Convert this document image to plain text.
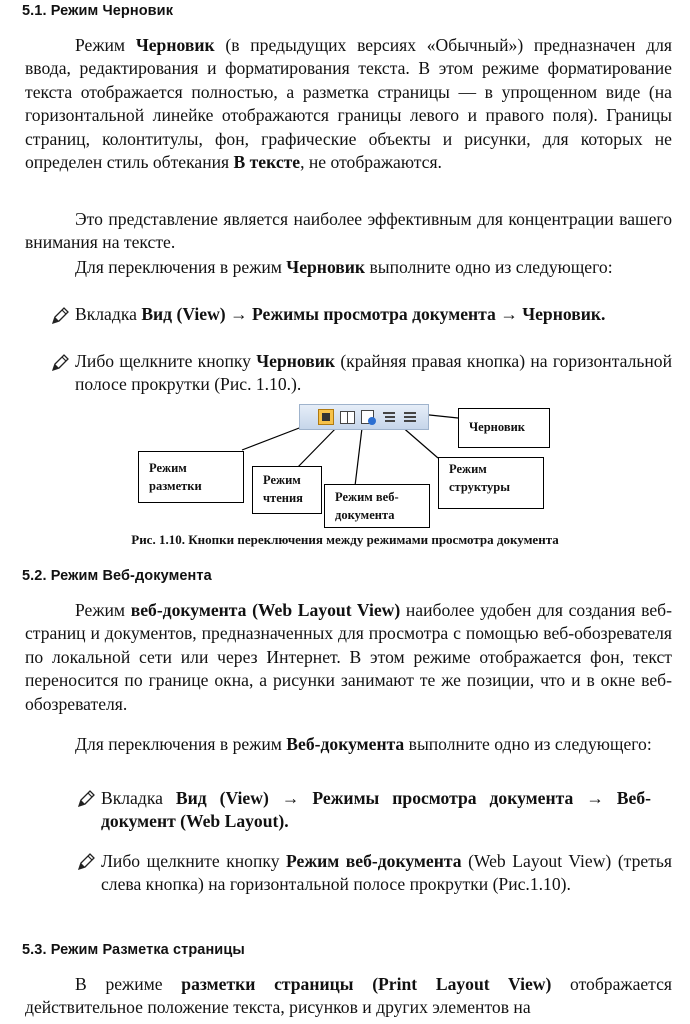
5.1. Режим Черновик

Режим Черновик (в предыдущих версиях «Обычный») предназначен для ввода, редактирования и форматирования текста. В этом режиме форматирование текста отображается полностью, а разметка страницы — в упрощенном виде (на горизонтальной линейке отображаются границы левого и правого поля). Границы страниц, колонтитулы, фон, графические объекты и рисунки, для которых не определен стиль обтекания В тексте, не отображаются.

Это представление является наиболее эффективным для концентрации вашего внимания на тексте.

Для переключения в режим Черновик выполните одно из следующего:

Вкладка Вид (View) → Режимы просмотра документа → Черновик.

Либо щелкните кнопку Черновик (крайняя правая кнопка) на горизонтальной полосе прокрутки (Рис. 1.10.).

Черновик
Режим разметки	Режим чтения	Режим веб-документа
Режим структуры
Рис. 1.10. Кнопки переключения между режимами просмотра документа
5.2. Режим Веб-документа

Режим веб-документа (Web Layout View) наиболее удобен для создания веб-страниц и документов, предназначенных для просмотра с помощью веб-обозревателя по локальной сети или через Интернет. В этом режиме отображается фон, текст переносится по границе окна, а рисунки занимают те же позиции, что и в окне веб-обозревателя.

Для переключения в режим Веб-документа выполните одно из следующего:

Вкладка Вид (View) → Режимы просмотра документа → Веб-документ (Web Layout).

Либо щелкните кнопку Режим веб-документа (Web Layout View) (третья слева кнопка) на горизонтальной полосе прокрутки (Рис.1.10).

5.3. Режим Разметка страницы

В режиме разметки страницы (Print Layout View) отображается действительное положение текста, рисунков и других элементов на
